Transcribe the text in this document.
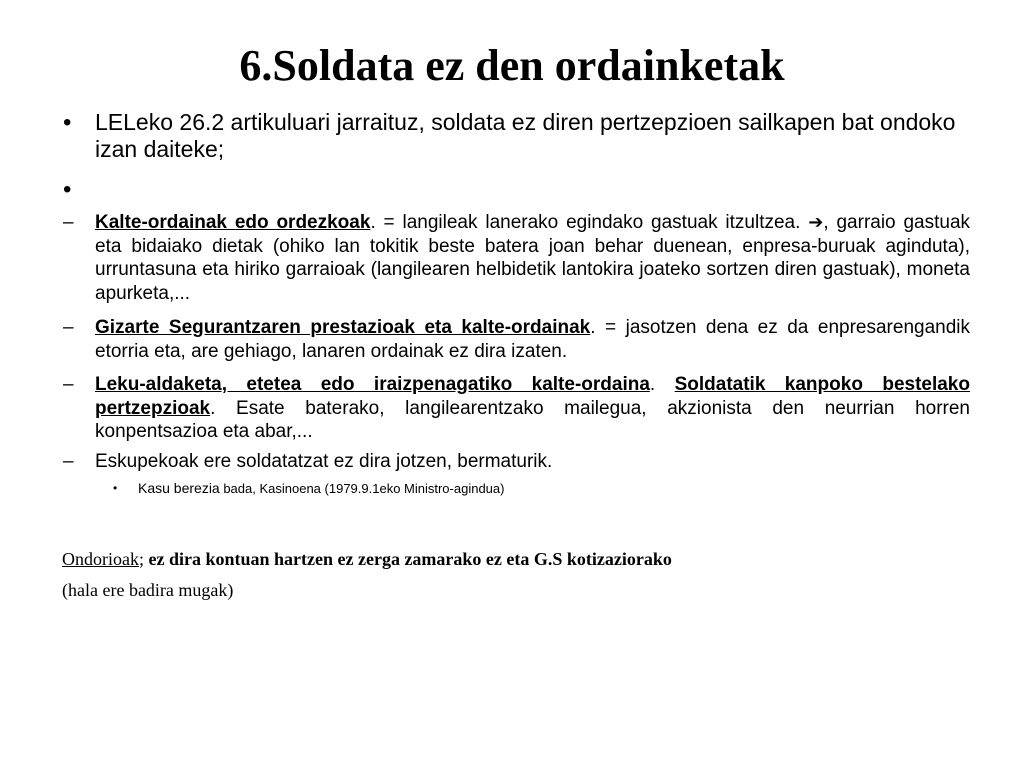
6.Soldata ez den ordainketak
• LELeko 26.2 artikuluari jarraituz, soldata ez diren pertzepzioen sailkapen bat ondoko izan daiteke;
•
– Kalte-ordainak edo ordezkoak. = langileak lanerako egindako gastuak itzultzea. ➔, garraio gastuak eta bidaiako dietak (ohiko lan tokitik beste batera joan behar duenean, enpresa-buruak aginduta), urruntasuna eta hiriko garraioak (langilearen helbidetik lantokira joateko sortzen diren gastuak), moneta apurketa,...
– Gizarte Segurantzaren prestazioak eta kalte-ordainak. = jasotzen dena ez da enpresarengandik etorria eta, are gehiago, lanaren ordainak ez dira izaten.
– Leku-aldaketa, etetea edo iraizpenagatiko kalte-ordaina. Soldatatik kanpoko bestelako pertzepzioak. Esate baterako, langilearentzako mailegua, akzionista den neurrian horren konpentsazioa eta abar,...
– Eskupekoak ere soldatatzat ez dira jotzen, bermaturik.
• Kasu berezia bada, Kasinoena (1979.9.1eko Ministro-agindua)
Ondorioak; ez dira kontuan hartzen ez zerga zamarako ez eta G.S kotizaziorako
(hala ere badira mugak)
